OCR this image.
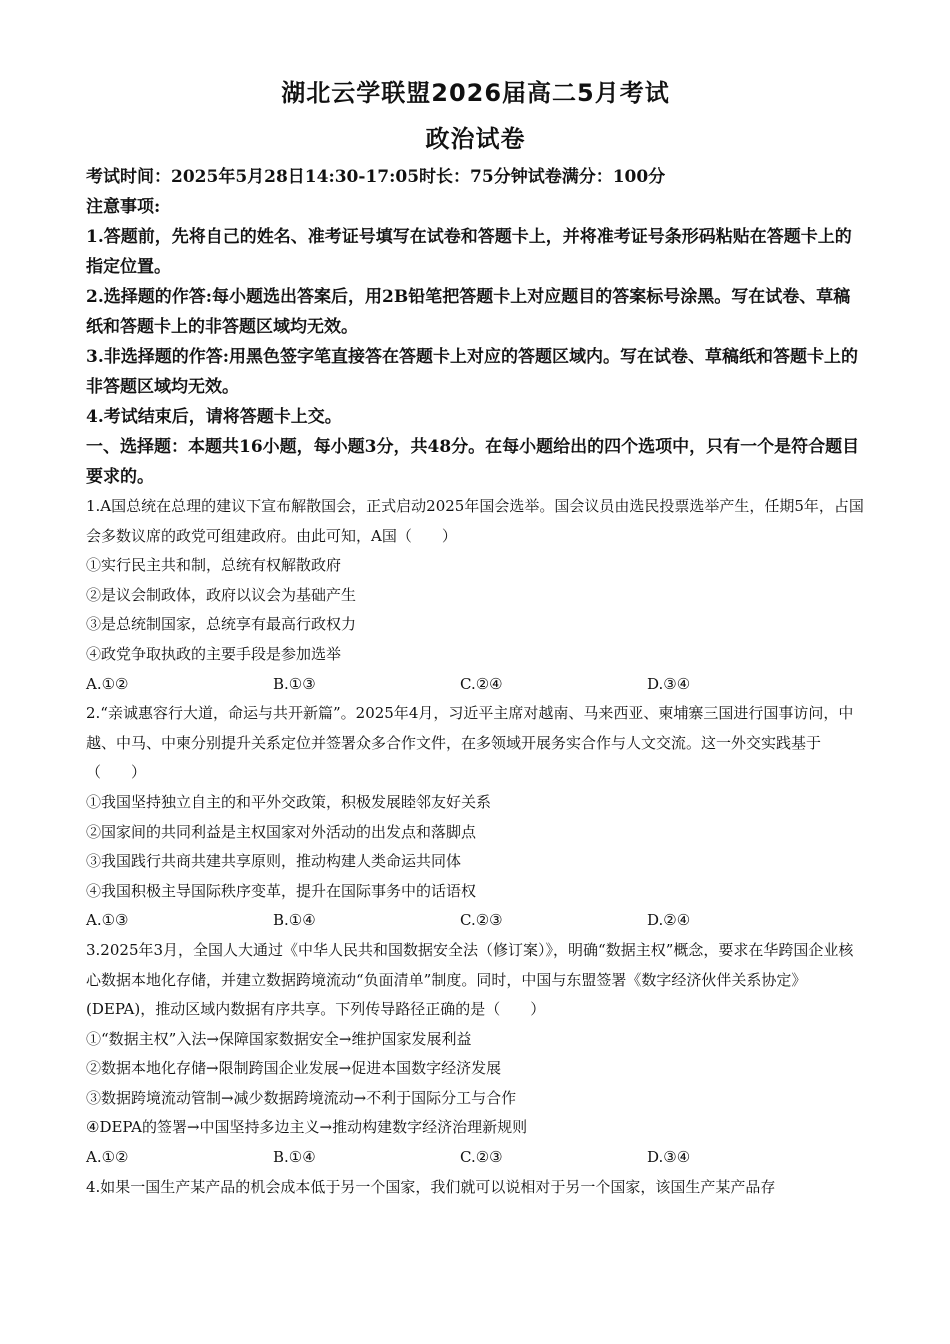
湖北云学联盟2026届高二5月考试
政治试卷

考试时间：2025年5月28日14:30-17:05时长：75分钟试卷满分：100分

注意事项:

1.答题前，先将自己的姓名、准考证号填写在试卷和答题卡上，并将准考证号条形码粘贴在答题卡上的指定位置。

2.选择题的作答:每小题选出答案后，用2B铅笔把答题卡上对应题目的答案标号涂黑。写在试卷、草稿纸和答题卡上的非答题区域均无效。

3.非选择题的作答:用黑色签字笔直接答在答题卡上对应的答题区域内。写在试卷、草稿纸和答题卡上的非答题区域均无效。

4.考试结束后，请将答题卡上交。

一、选择题：本题共16小题，每小题3分，共48分。在每小题给出的四个选项中，只有一个是符合题目要求的。

1.A国总统在总理的建议下宣布解散国会，正式启动2025年国会选举。国会议员由选民投票选举产生，任期5年，占国会多数议席的政党可组建政府。由此可知，A国（　　）

①实行民主共和制，总统有权解散政府

②是议会制政体，政府以议会为基础产生

③是总统制国家，总统享有最高行政权力

④政党争取执政的主要手段是参加选举

A.①②	B.①③	C.②④	D.③④

2.“亲诚惠容行大道，命运与共开新篇”。2025年4月，习近平主席对越南、马来西亚、柬埔寨三国进行国事访问，中越、中马、中柬分别提升关系定位并签署众多合作文件，在多领域开展务实合作与人文交流。这一外交实践基于（　　）

①我国坚持独立自主的和平外交政策，积极发展睦邻友好关系

②国家间的共同利益是主权国家对外活动的出发点和落脚点

③我国践行共商共建共享原则，推动构建人类命运共同体

④我国积极主导国际秩序变革，提升在国际事务中的话语权

A.①③	B.①④	C.②③	D.②④

3.2025年3月，全国人大通过《中华人民共和国数据安全法（修订案）》，明确“数据主权”概念，要求在华跨国企业核心数据本地化存储，并建立数据跨境流动“负面清单”制度。同时，中国与东盟签署《数字经济伙伴关系协定》(DEPA)，推动区域内数据有序共享。下列传导路径正确的是（　　）

①“数据主权”入法→保障国家数据安全→维护国家发展利益

②数据本地化存储→限制跨国企业发展→促进本国数字经济发展

③数据跨境流动管制→减少数据跨境流动→不利于国际分工与合作

④DEPA的签署→中国坚持多边主义→推动构建数字经济治理新规则

A.①②	B.①④	C.②③	D.③④

4.如果一国生产某产品的机会成本低于另一个国家，我们就可以说相对于另一个国家，该国生产某产品存
